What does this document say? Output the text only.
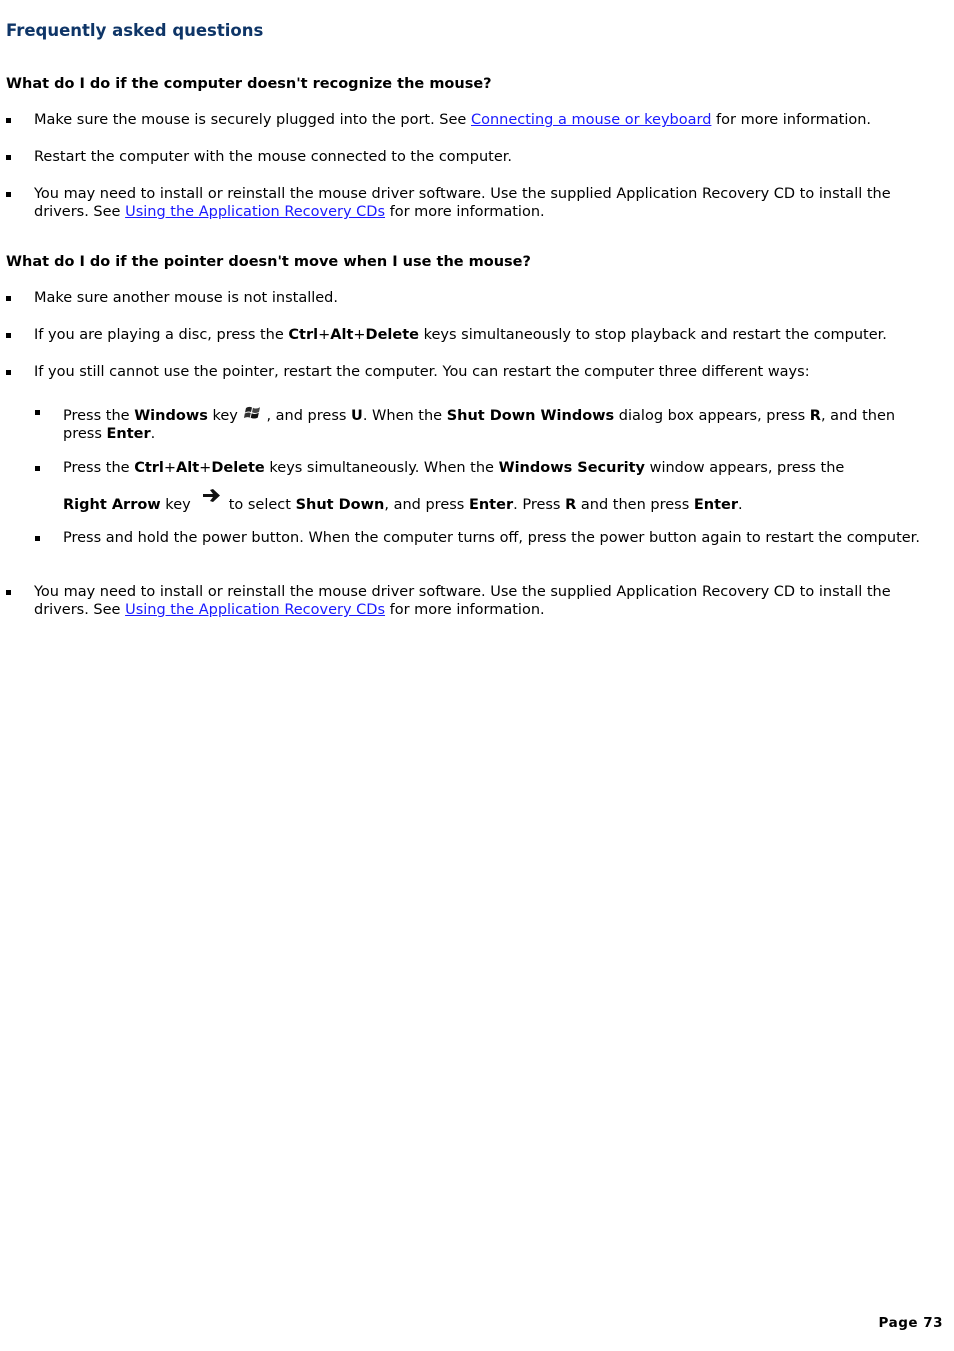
Frequently asked questions

What do I do if the computer doesn't recognize the mouse?

Make sure the mouse is securely plugged into the port. See Connecting a mouse or keyboard for more information.
Restart the computer with the mouse connected to the computer.
You may need to install or reinstall the mouse driver software. Use the supplied Application Recovery CD to install the drivers. See Using the Application Recovery CDs for more information.

What do I do if the pointer doesn't move when I use the mouse?

Make sure another mouse is not installed.
If you are playing a disc, press the Ctrl+Alt+Delete keys simultaneously to stop playback and restart the computer.
If you still cannot use the pointer, restart the computer. You can restart the computer three different ways:
Press the Windows key , and press U. When the Shut Down Windows dialog box appears, press R, and then press Enter.
Press the Ctrl+Alt+Delete keys simultaneously. When the Windows Security window appears, press the
Right Arrow key	to select Shut Down, and press Enter. Press R and then press Enter.
Press and hold the power button. When the computer turns off, press the power button again to restart the computer.
You may need to install or reinstall the mouse driver software. Use the supplied Application Recovery CD to install the drivers. See Using the Application Recovery CDs for more information.
Page 73
